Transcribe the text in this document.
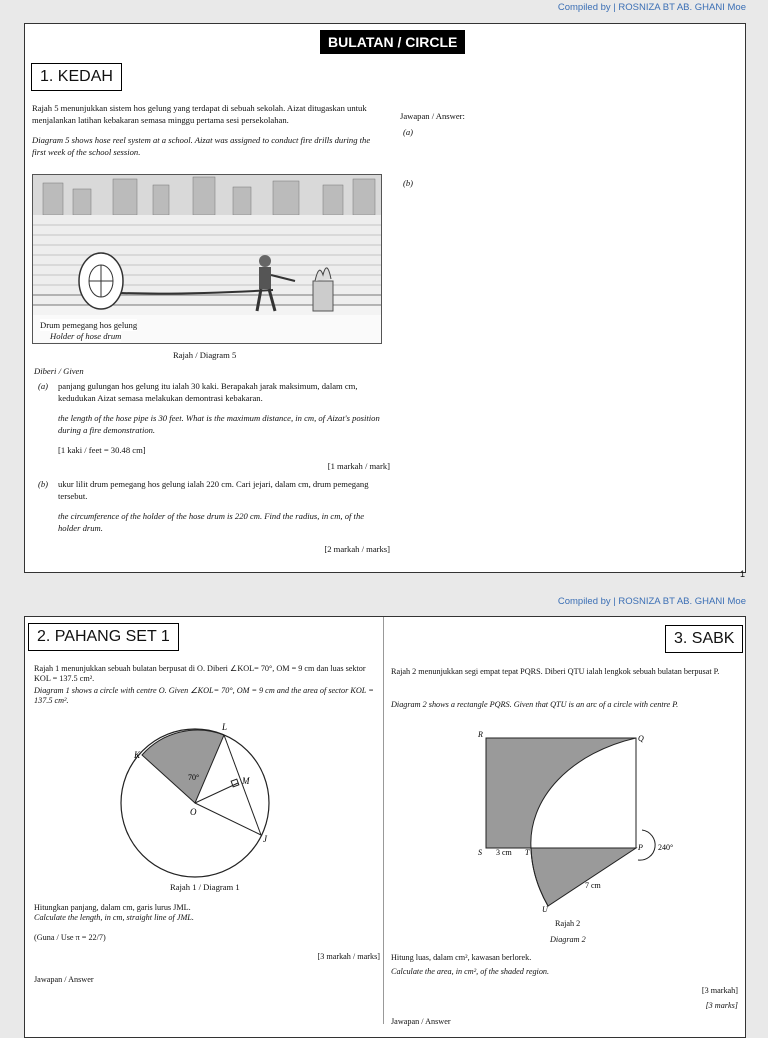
Compiled by | ROSNIZA BT AB. GHANI Moe
BULATAN / CIRCLE
1. KEDAH
Rajah 5 menunjukkan sistem hos gelung yang terdapat di sebuah sekolah. Aizat ditugaskan untuk menjalankan latihan kebakaran semasa minggu pertama sesi persekolahan.
Diagram 5 shows hose reel system at a school. Aizat was assigned to conduct fire drills during the first week of the school session.
Jawapan / Answer:
(a)
(b)
Drum pemegang hos gelung
Holder of hose drum
Rajah / Diagram 5
Diberi / Given
(a) panjang gulungan hos gelung itu ialah 30 kaki. Berapakah jarak maksimum, dalam cm, kedudukan Aizat semasa melakukan demontrasi kebakaran.
the length of the hose pipe is 30 feet. What is the maximum distance, in cm, of Aizat's position during a fire demonstration.
[1 kaki / feet = 30.48 cm]
[1 markah / mark]
(b) ukur lilit drum pemegang hos gelung ialah 220 cm. Cari jejari, dalam cm, drum pemegang tersebut.
the circumference of the holder of the hose drum is 220 cm. Find the radius, in cm, of the holder drum.
[2 markah / marks]
1
Compiled by | ROSNIZA BT AB. GHANI Moe
2. PAHANG SET 1	3. SABK
Rajah 1 menunjukkan sebuah bulatan berpusat di O. Diberi ∠KOL= 70°, OM = 9 cm dan luas sektor KOL = 137.5 cm².
Diagram 1 shows a circle with centre O. Given ∠KOL= 70°, OM = 9 cm and the area of sector KOL = 137.5 cm².
L
K
M
O
J
70°
Rajah 1 / Diagram 1
Hitungkan panjang, dalam cm, garis lurus JML.
Calculate the length, in cm, straight line of JML.
(Guna / Use π = 22/7)
[3 markah / marks]
Jawapan / Answer
Rajah 2 menunjukkan segi empat tepat PQRS. Diberi QTU ialah lengkok sebuah bulatan berpusat P.
Diagram 2 shows a rectangle PQRS. Given that QTU is an arc of a circle with centre P.
R	Q
S	T
P
U
3 cm
7 cm
240°
Rajah 2
Diagram 2
Hitung luas, dalam cm², kawasan berlorek.
Calculate the area, in cm², of the shaded region.
[3 markah]
[3 marks]
Jawapan / Answer
